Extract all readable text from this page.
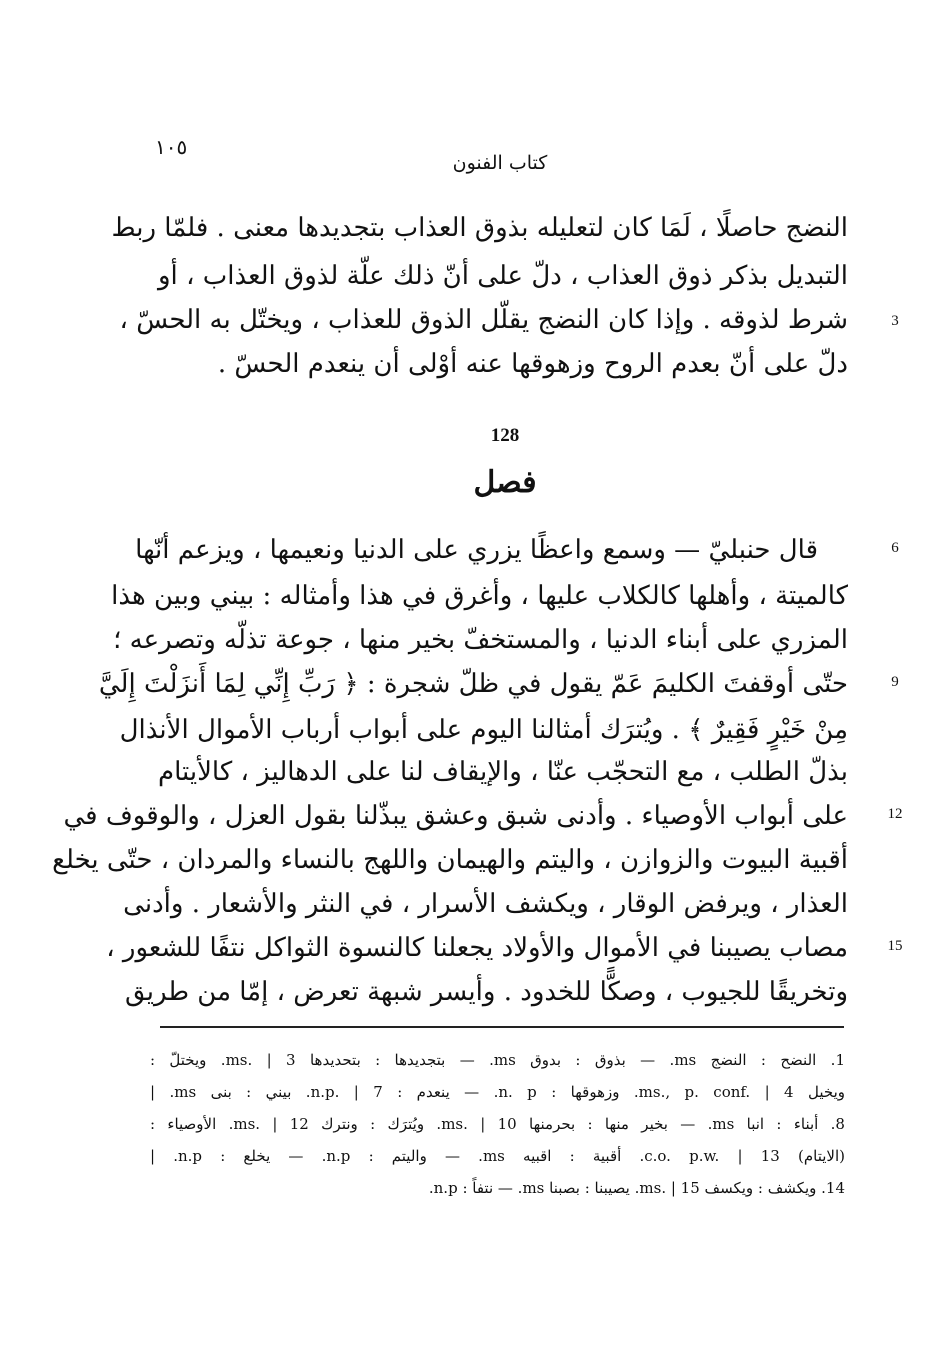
١٠٥
كتاب الفنون
النضج حاصلًا ، لَمَا كان لتعليله بذوق العذاب بتجديدها معنى . فلمّا ربط
التبديل بذكر ذوق العذاب ، دلّ على أنّ ذلك علّة لذوق العذاب ، أو
شرط لذوقه . وإذا كان النضج يقلّل الذوق للعذاب ، ويختّل به الحسّ ،
دلّ على أنّ بعدم الروح وزهوقها عنه أوْلى أن ينعدم الحسّ .
3
128
فصل
قال حنبليّ — وسمع واعظًا يزري على الدنيا ونعيمها ، ويزعم أنّها
كالميتة ، وأهلها كالكلاب عليها ، وأغرق في هذا وأمثاله : بيني وبين هذا
المزري على أبناء الدنيا ، والمستخفّ بخير منها ، جوعة تذلّه وتصرعه ؛
حتّى أوقفتَ الكليمَ عَمّ يقول في ظلّ شجرة : ﴿ رَبِّ إِنِّي لِمَا أَنزَلْتَ إِلَيَّ
مِنْ خَيْرٍ فَقِيرٌ ﴾ . ويُترَك أمثالنا اليوم على أبواب أرباب الأموال الأنذال
بذلّ الطلب ، مع التحجّب عنّا ، والإيقاف لنا على الدهاليز ، كالأيتام
على أبواب الأوصياء . وأدنى شبق وعشق يبذّلنا بقول العزل ، والوقوف في
أقبية البيوت والزوازن ، واليتم والهيمان واللهج بالنساء والمردان ، حتّى يخلع
العذار ، ويرفض الوقار ، ويكشف الأسرار ، في النثر والأشعار . وأدنى
مصاب يصيبنا في الأموال والأولاد يجعلنا كالنسوة الثواكل نتفًا للشعور ،
وتخريقًا للجيوب ، وصكًّا للخدود . وأيسر شبهة تعرض ، إمّا من طريق
6
9
12
15
1. النضح : النضج ms. — بذوق : بدوق ms. — بتجديدها : بتحديدها ms. | 3. ويختلّ :
ويخيل ms., p. conf. | 4. وزهوقها : n. p. — ينعدم : n.p. | 7. بيني : بنى ms. |
8. أبناء : انبا ms. — بخير منها : بحرمنها ms. | 10. ويُترَك : ونترك ms. | 12. الأوصياء :
(الايتام) c.o. p.w. | 13. أقبية : اقبيه ms. — واليتم : n.p. — يخلع : n.p. |
14. ويكشف : ويكسف ms. | 15. يصيبنا : بصبنا ms. — نتفاً : n.p.
